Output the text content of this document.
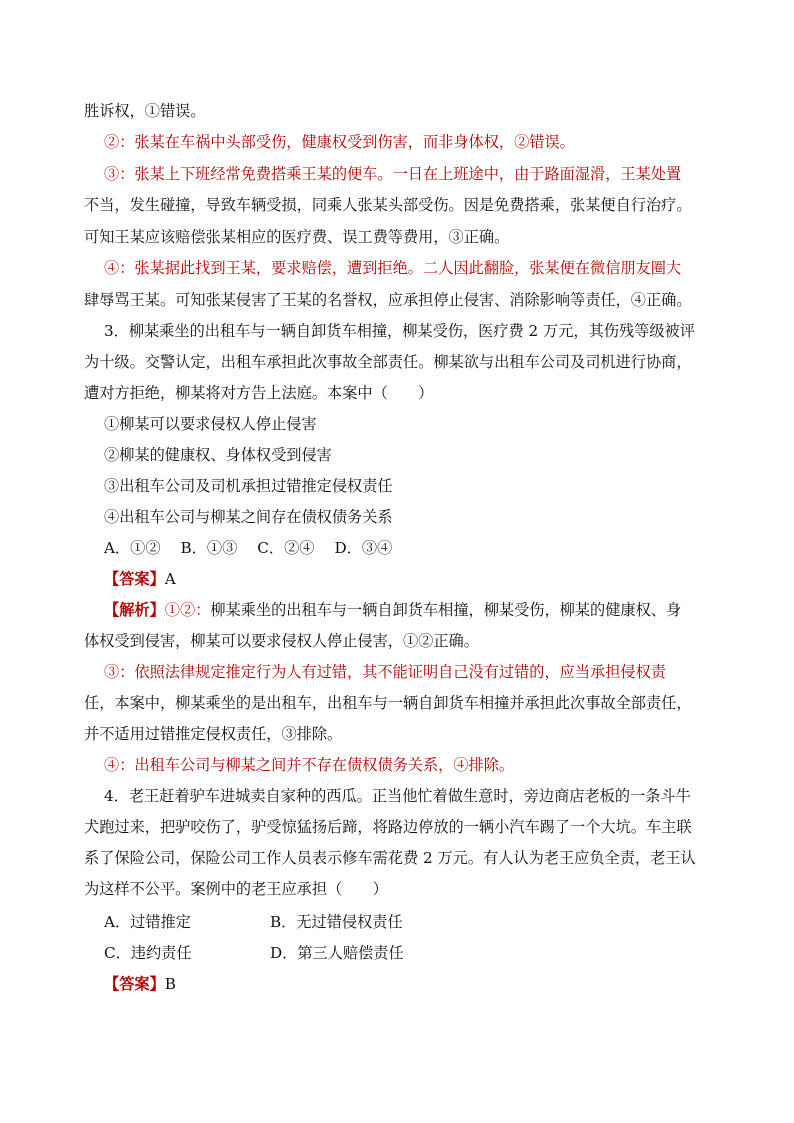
胜诉权，①错误。
②：张某在车祸中头部受伤，健康权受到伤害，而非身体权，②错误。
③：张某上下班经常免费搭乘王某的便车。一日在上班途中，由于路面湿滑，王某处置
不当，发生碰撞，导致车辆受损，同乘人张某头部受伤。因是免费搭乘，张某便自行治疗。
可知王某应该赔偿张某相应的医疗费、误工费等费用，③正确。
④：张某据此找到王某，要求赔偿，遭到拒绝。二人因此翻脸，张某便在微信朋友圈大
肆辱骂王某。可知张某侵害了王某的名誉权，应承担停止侵害、消除影响等责任，④正确。
3．柳某乘坐的出租车与一辆自卸货车相撞，柳某受伤，医疗费 2 万元，其伤残等级被评
为十级。交警认定，出租车承担此次事故全部责任。柳某欲与出租车公司及司机进行协商，
遭对方拒绝，柳某将对方告上法庭。本案中（　　）
①柳某可以要求侵权人停止侵害
②柳某的健康权、身体权受到侵害
③出租车公司及司机承担过错推定侵权责任
④出租车公司与柳某之间存在债权债务关系
A．①②　 B．①③　 C．②④　 D．③④
【答案】A
【解析】①②：柳某乘坐的出租车与一辆自卸货车相撞，柳某受伤，柳某的健康权、身
体权受到侵害，柳某可以要求侵权人停止侵害，①②正确。
③：依照法律规定推定行为人有过错，其不能证明自己没有过错的，应当承担侵权责
任，本案中，柳某乘坐的是出租车，出租车与一辆自卸货车相撞并承担此次事故全部责任，
并不适用过错推定侵权责任，③排除。
④：出租车公司与柳某之间并不存在债权债务关系，④排除。
4．老王赶着驴车进城卖自家种的西瓜。正当他忙着做生意时，旁边商店老板的一条斗牛
犬跑过来，把驴咬伤了，驴受惊猛扬后蹄，将路边停放的一辆小汽车踢了一个大坑。车主联
系了保险公司，保险公司工作人员表示修车需花费 2 万元。有人认为老王应负全责，老王认
为这样不公平。案例中的老王应承担（　　）
A．过错推定	B．无过错侵权责任
C．违约责任	D．第三人赔偿责任
【答案】B
